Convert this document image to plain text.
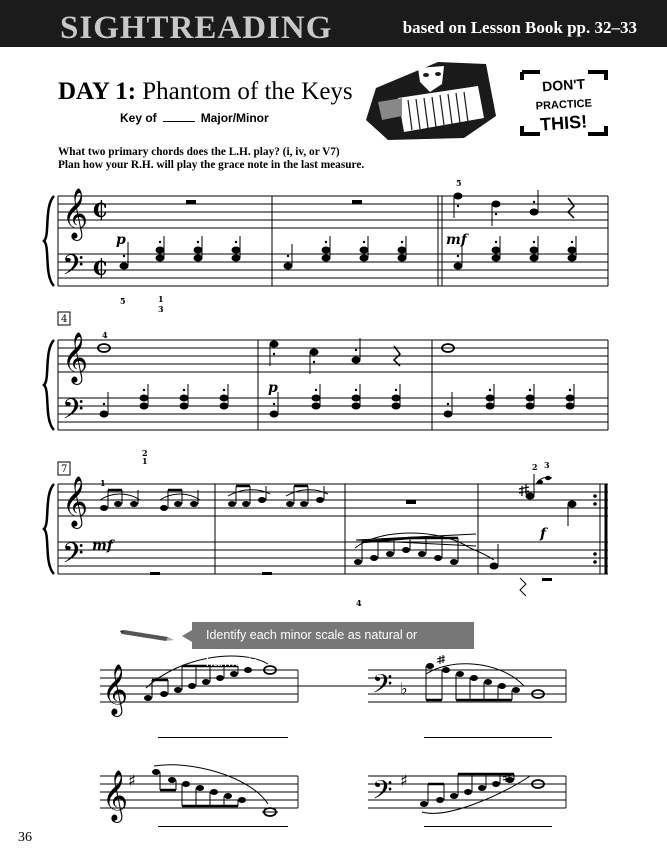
SIGHTREADING	based on Lesson Book pp. 32–33
DAY 1: Phantom of the Keys
Key of	Major/Minor
What two primary chords does the L.H. play? (i, iv, or V7)
Plan how your R.H. will play the grace note in the last measure.
DON'T
PRACTICE
THIS!
𝄞
𝄢
𝄞
𝄢
𝄞
𝄢
₵
₵
p	mf
p
mf
f
5
5	1
3
4
1
2
1
2 3
4
4
7
𝄞	𝄢 ♭
𝄞 ♯	𝄢 ♯
Identify each minor scale as natural or harmonic.
36
